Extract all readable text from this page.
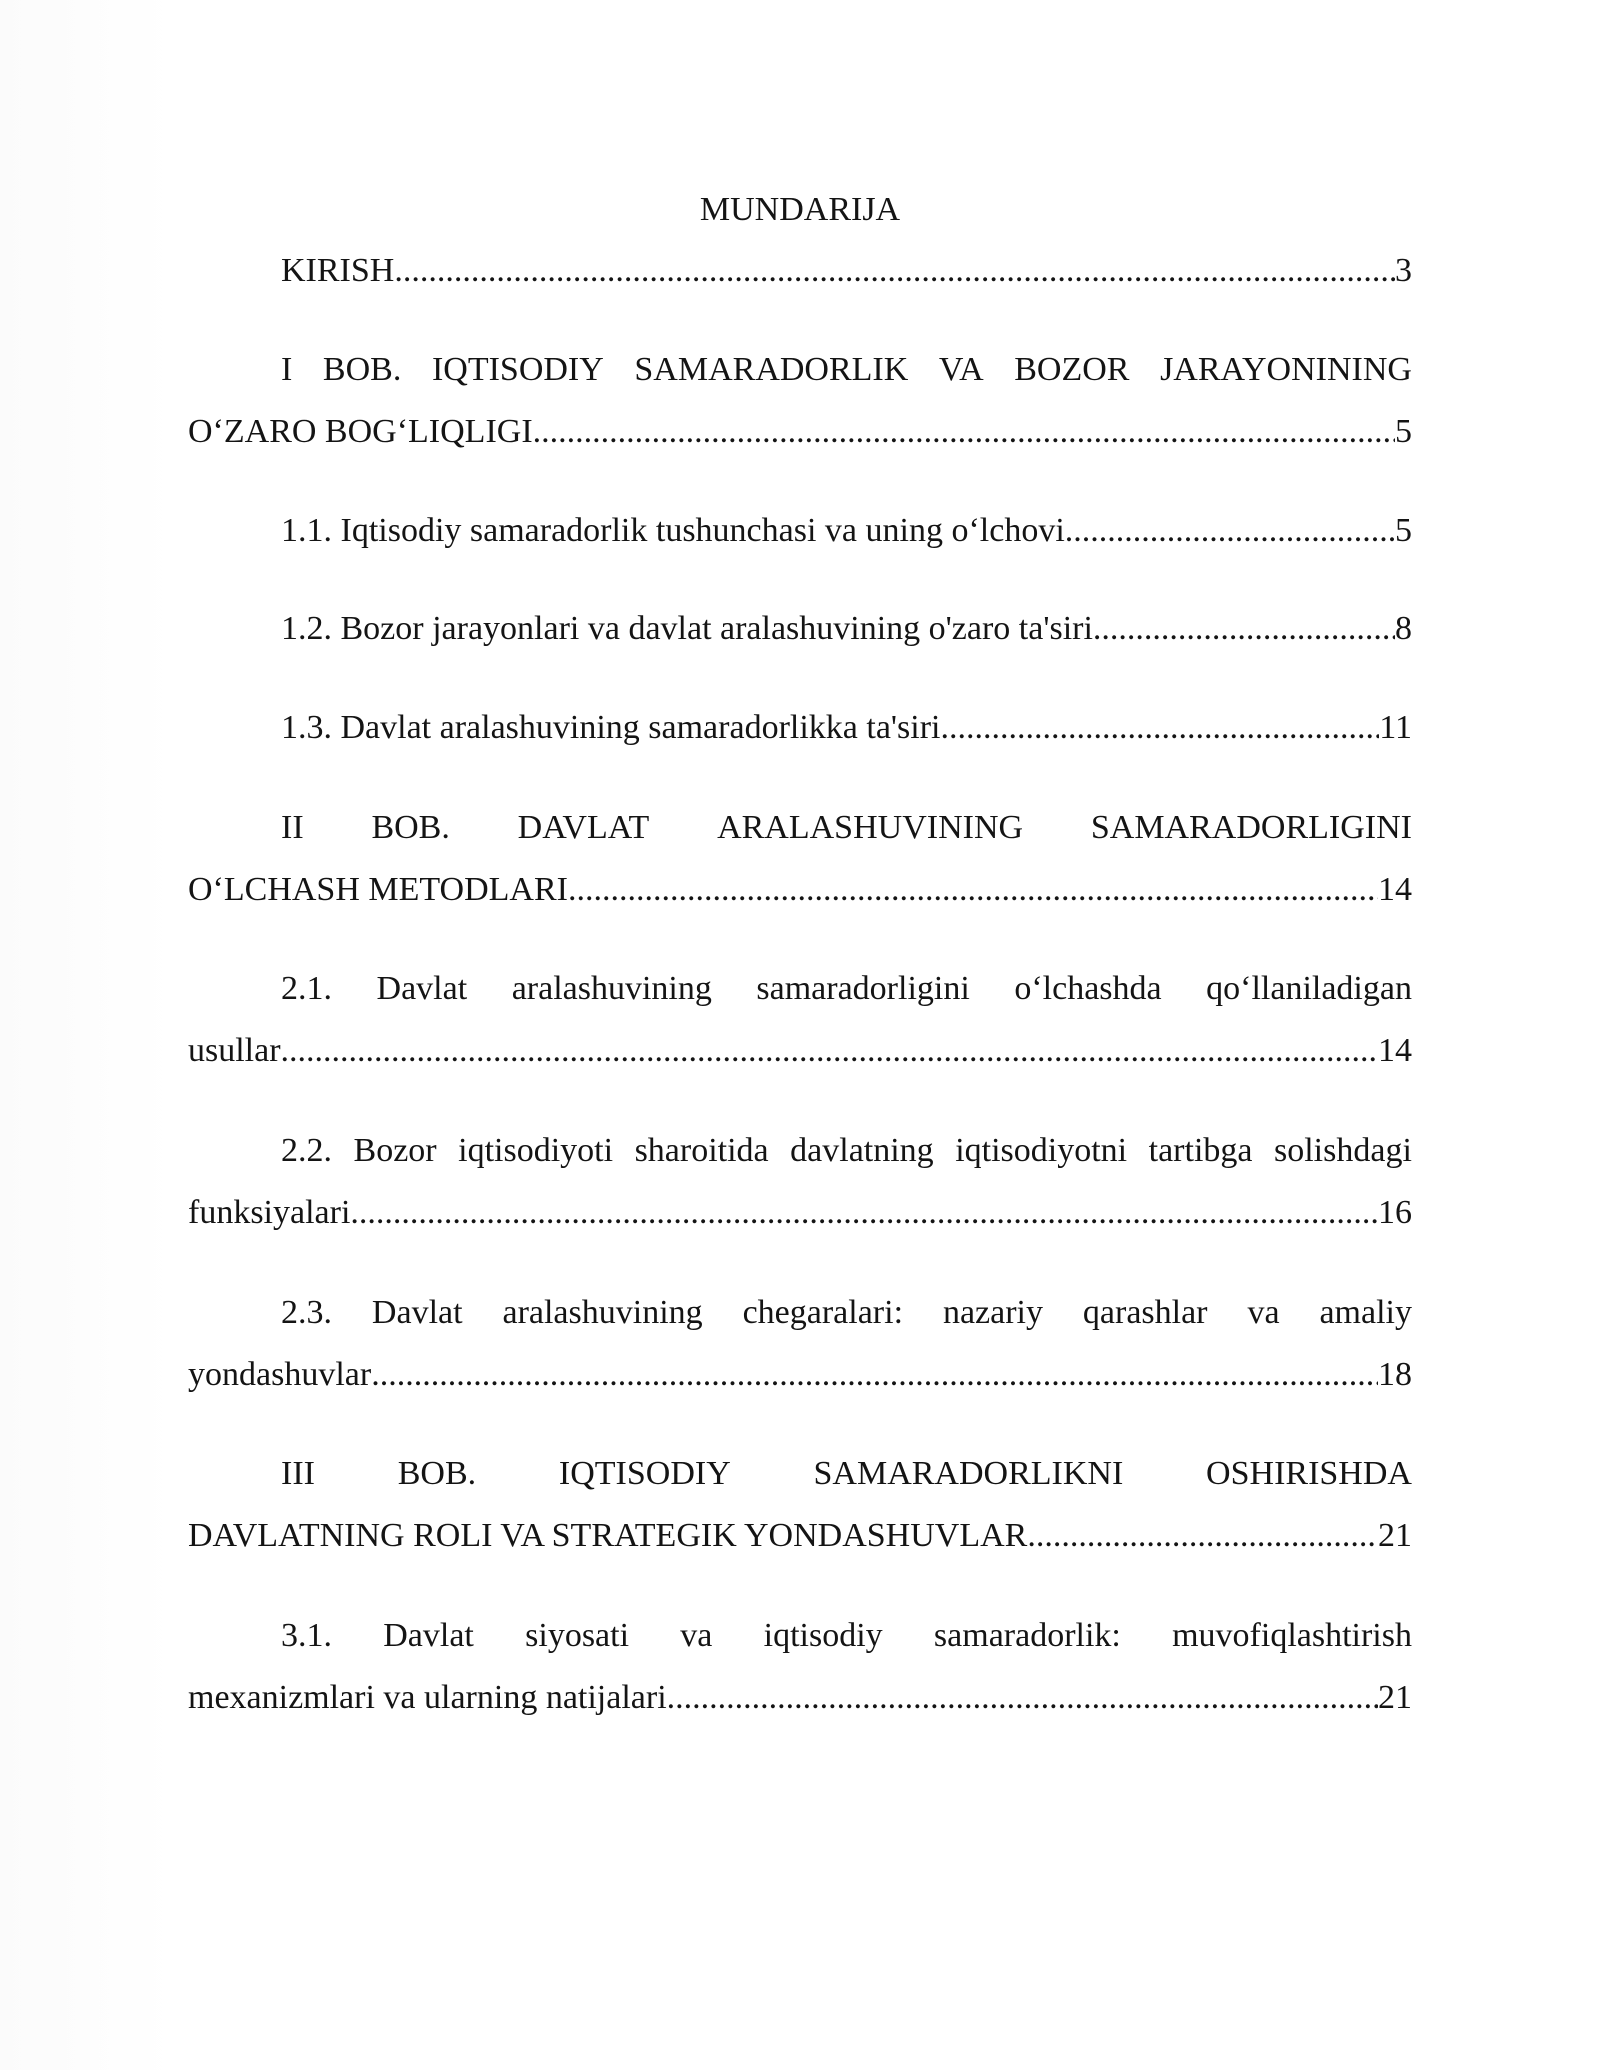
MUNDARIJA
KIRISH .....	3
I BOB. IQTISODIY SAMARADORLIK VA BOZOR JARAYONINING
O‘ZARO BOG‘LIQLIGI .....	5
1.1. Iqtisodiy samaradorlik tushunchasi va uning o‘lchovi .....	5
1.2. Bozor jarayonlari va davlat aralashuvining o'zaro ta'siri .....	8
1.3. Davlat aralashuvining samaradorlikka ta'siri .....	11
II BOB. DAVLAT ARALASHUVINING SAMARADORLIGINI
O‘LCHASH METODLARI .....	14
2.1. Davlat aralashuvining samaradorligini o‘lchashda qo‘llaniladigan
usullar .....	14
2.2. Bozor iqtisodiyoti sharoitida davlatning iqtisodiyotni tartibga solishdagi
funksiyalari .....	16
2.3. Davlat aralashuvining chegaralari: nazariy qarashlar va amaliy
yondashuvlar .....	18
III BOB. IQTISODIY SAMARADORLIKNI OSHIRISHDA
DAVLATNING ROLI VA STRATEGIK YONDASHUVLAR .....	21
3.1. Davlat siyosati va iqtisodiy samaradorlik: muvofiqlashtirish
mexanizmlari va ularning natijalari .....	21
